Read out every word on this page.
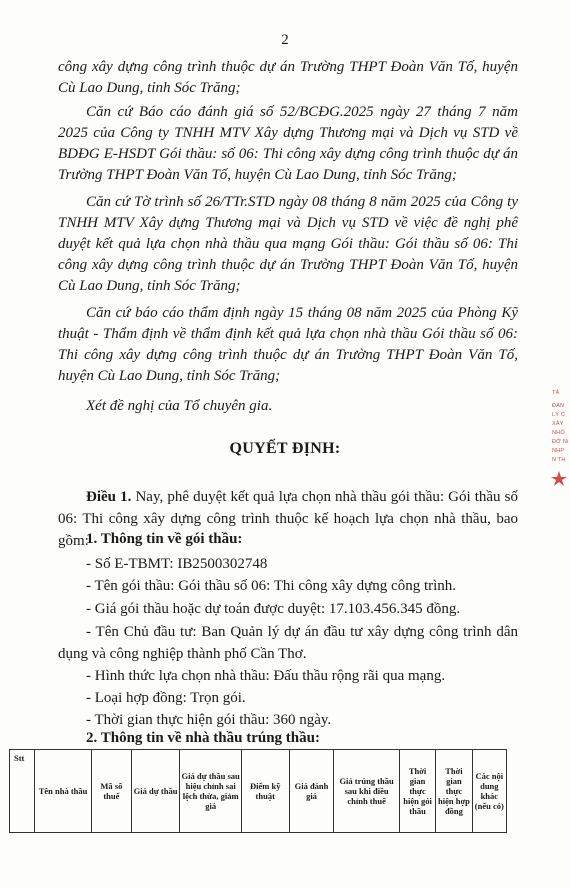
2
công xây dựng công trình thuộc dự án Trường THPT Đoàn Văn Tố, huyện Cù Lao Dung, tỉnh Sóc Trăng;
Căn cứ Báo cáo đánh giá số 52/BCĐG.2025 ngày 27 tháng 7 năm 2025 của Công ty TNHH MTV Xây dựng Thương mại và Dịch vụ STD về BDĐG E-HSDT Gói thầu: số 06: Thi công xây dựng công trình thuộc dự án Trường THPT Đoàn Văn Tố, huyện Cù Lao Dung, tỉnh Sóc Trăng;
Căn cứ Tờ trình số 26/TTr.STD ngày 08 tháng 8 năm 2025 của Công ty TNHH MTV Xây dựng Thương mại và Dịch vụ STD về việc đề nghị phê duyệt kết quả lựa chọn nhà thầu qua mạng Gói thầu: Gói thầu số 06: Thi công xây dựng công trình thuộc dự án Trường THPT Đoàn Văn Tố, huyện Cù Lao Dung, tỉnh Sóc Trăng;
Căn cứ báo cáo thẩm định ngày 15 tháng 08 năm 2025 của Phòng Kỹ thuật - Thẩm định về thẩm định kết quả lựa chọn nhà thầu Gói thầu số 06: Thi công xây dựng công trình thuộc dự án Trường THPT Đoàn Văn Tố, huyện Cù Lao Dung, tỉnh Sóc Trăng;
Xét đề nghị của Tổ chuyên gia.
QUYẾT ĐỊNH:
Điều 1. Nay, phê duyệt kết quả lựa chọn nhà thầu gói thầu: Gói thầu số 06: Thi công xây dựng công trình thuộc kế hoạch lựa chọn nhà thầu, bao gồm:
1. Thông tin về gói thầu:
- Số E-TBMT: IB2500302748
- Tên gói thầu: Gói thầu số 06: Thi công xây dựng công trình.
- Giá gói thầu hoặc dự toán được duyệt: 17.103.456.345 đồng.
- Tên Chủ đầu tư: Ban Quản lý dự án đầu tư xây dựng công trình dân dụng và công nghiệp thành phố Cần Thơ.
- Hình thức lựa chọn nhà thầu: Đấu thầu rộng rãi qua mạng.
- Loại hợp đồng: Trọn gói.
- Thời gian thực hiện gói thầu: 360 ngày.
2. Thông tin về nhà thầu trúng thầu:
Stt	Tên nhà thầu	Mã số thuế	Giá dự thầu	Giá dự thầu sau hiệu chỉnh sai lệch thừa, giảm giá	Điểm kỹ thuật	Giá đánh giá	Giá trúng thầu sau khi điều chỉnh thuế	Thời gian thực hiện gói thầu	Thời gian thực hiện hợp đồng	Các nội dung khác (nếu có)
TÁ
ĐAN
LÝ C
XÂY
NHÓ
ĐỜ Ni
NHP
N TH
